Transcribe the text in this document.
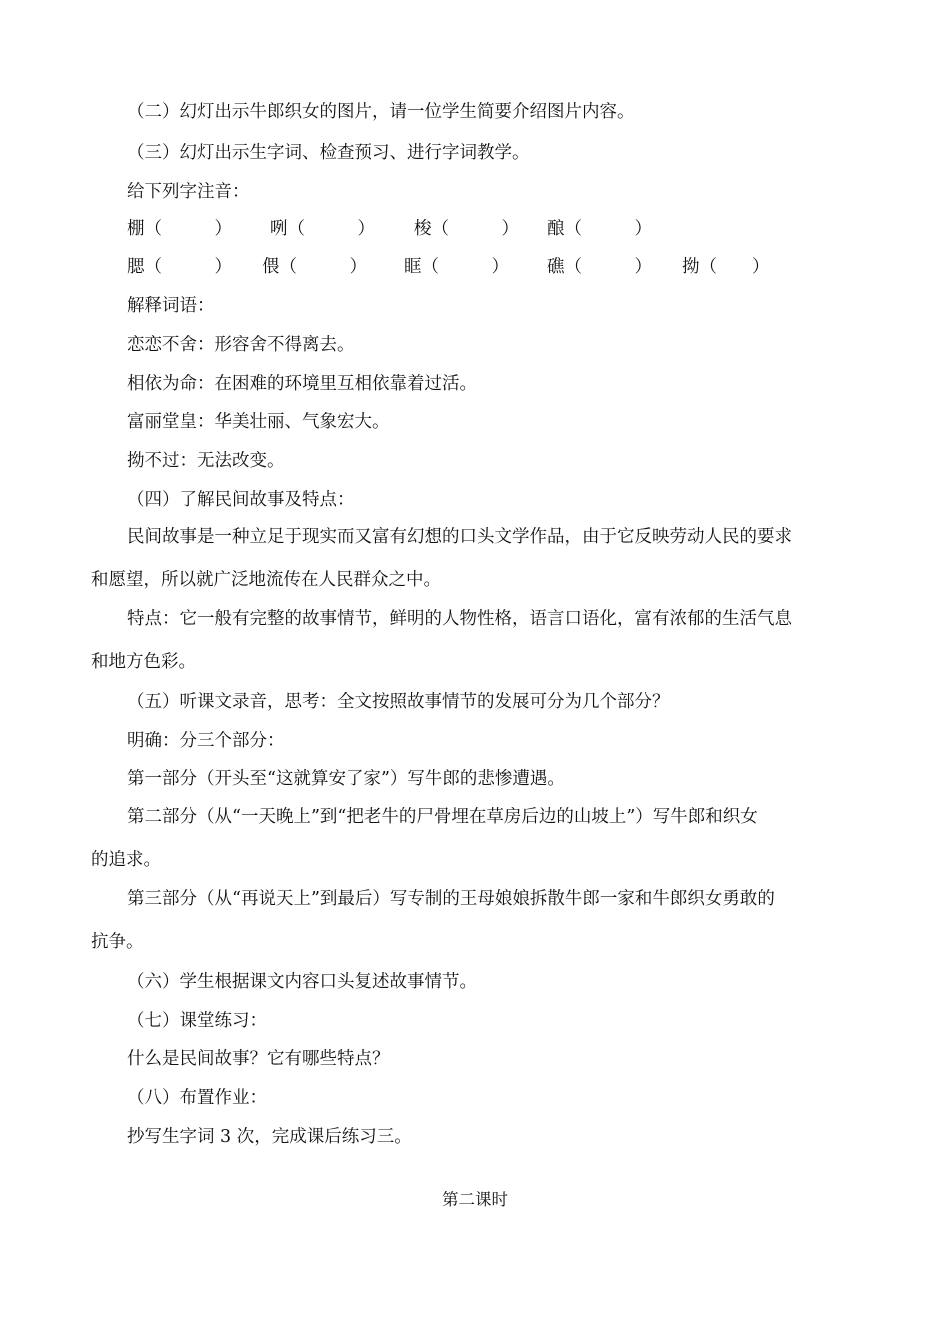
（二）幻灯出示牛郎织女的图片，请一位学生简要介绍图片内容。
（三）幻灯出示生字词、检查预习、进行字词教学。
给下列字注音：
棚（　　　） 咧（　　　） 梭（　　　） 酿（　　　）
腮（　　　） 偎（　　　） 眶（　　　） 礁（　　　） 拗（　　）
解释词语：
恋恋不舍：形容舍不得离去。
相依为命：在困难的环境里互相依靠着过活。
富丽堂皇：华美壮丽、气象宏大。
拗不过：无法改变。
（四）了解民间故事及特点：
民间故事是一种立足于现实而又富有幻想的口头文学作品，由于它反映劳动人民的要求
和愿望，所以就广泛地流传在人民群众之中。
特点：它一般有完整的故事情节，鲜明的人物性格，语言口语化，富有浓郁的生活气息
和地方色彩。
（五）听课文录音，思考：全文按照故事情节的发展可分为几个部分？
明确：分三个部分：
第一部分（开头至“这就算安了家”）写牛郎的悲惨遭遇。
第二部分（从“一天晚上”到“把老牛的尸骨埋在草房后边的山坡上”）写牛郎和织女
的追求。
第三部分（从“再说天上”到最后）写专制的王母娘娘拆散牛郎一家和牛郎织女勇敢的
抗争。
（六）学生根据课文内容口头复述故事情节。
（七）课堂练习：
什么是民间故事？它有哪些特点？
（八）布置作业：
抄写生字词 3 次，完成课后练习三。
第二课时
